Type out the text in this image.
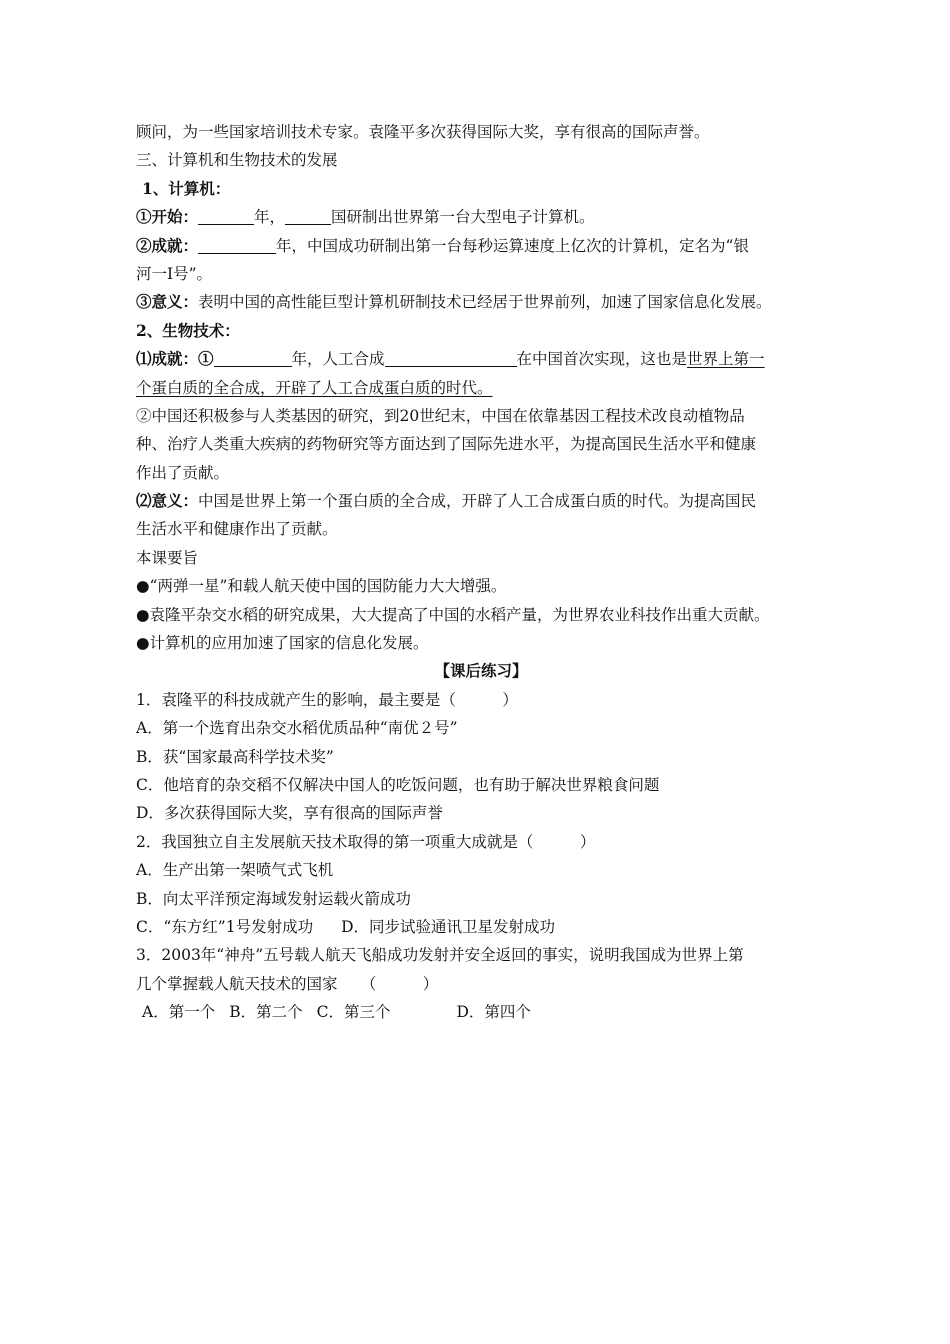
顾问，为一些国家培训技术专家。袁隆平多次获得国际大奖，享有很高的国际声誉。
三、计算机和生物技术的发展
1、计算机：
①开始：	年，	国研制出世界第一台大型电子计算机。
②成就：	年，中国成功研制出第一台每秒运算速度上亿次的计算机，定名为“银
河一Ⅰ号”。
③意义：表明中国的高性能巨型计算机研制技术已经居于世界前列，加速了国家信息化发展。
2、生物技术：
⑴成就：①	年，人工合成	在中国首次实现，这也是世界上第一
个蛋白质的全合成，开辟了人工合成蛋白质的时代。
②中国还积极参与人类基因的研究，到20世纪末，中国在依靠基因工程技术改良动植物品
种、治疗人类重大疾病的药物研究等方面达到了国际先进水平，为提高国民生活水平和健康
作出了贡献。
⑵意义：中国是世界上第一个蛋白质的全合成，开辟了人工合成蛋白质的时代。为提高国民
生活水平和健康作出了贡献。
本课要旨
●“两弹一星”和载人航天使中国的国防能力大大增强。
●袁隆平杂交水稻的研究成果，大大提高了中国的水稻产量，为世界农业科技作出重大贡献。
●计算机的应用加速了国家的信息化发展。
【课后练习】
1．袁隆平的科技成就产生的影响，最主要是（　　　）
A．第一个选育出杂交水稻优质品种“南优２号”
B．获“国家最高科学技术奖”
C．他培育的杂交稻不仅解决中国人的吃饭问题，也有助于解决世界粮食问题
D．多次获得国际大奖，享有很高的国际声誉
2．我国独立自主发展航天技术取得的第一项重大成就是（　　　）
A．生产出第一架喷气式飞机
B．向太平洋预定海域发射运载火箭成功
C．“东方红”1号发射成功 D．同步试验通讯卫星发射成功
3．2003年“神舟”五号载人航天飞船成功发射并安全返回的事实，说明我国成为世界上第
几个掌握载人航天技术的国家　　（　　　）
A．第一个 B．第二个 C．第三个	D．第四个
